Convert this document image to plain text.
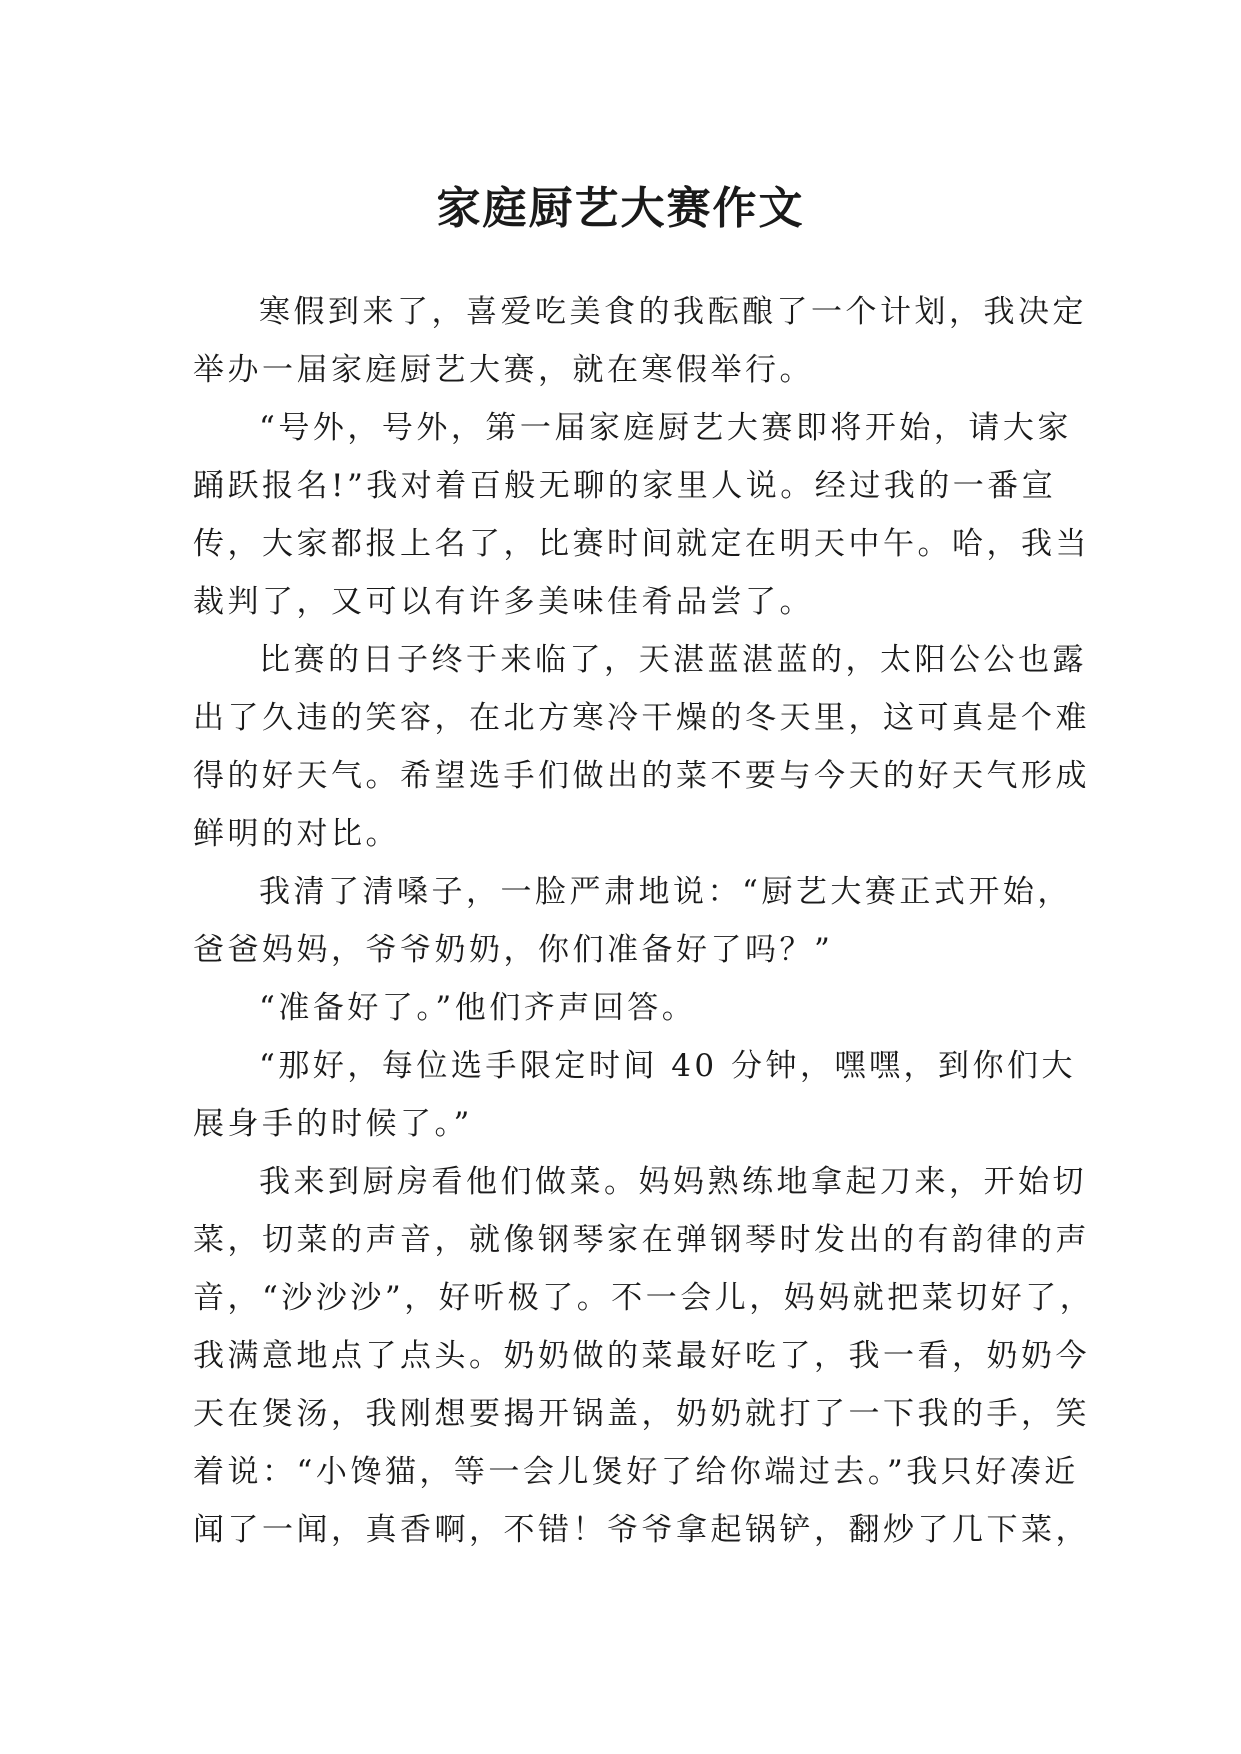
家庭厨艺大赛作文

寒假到来了，喜爱吃美食的我酝酿了一个计划，我决定
举办一届家庭厨艺大赛，就在寒假举行。

“号外，号外，第一届家庭厨艺大赛即将开始，请大家
踊跃报名!”我对着百般无聊的家里人说。经过我的一番宣
传，大家都报上名了，比赛时间就定在明天中午。哈，我当
裁判了，又可以有许多美味佳肴品尝了。

比赛的日子终于来临了，天湛蓝湛蓝的，太阳公公也露
出了久违的笑容，在北方寒冷干燥的冬天里，这可真是个难
得的好天气。希望选手们做出的菜不要与今天的好天气形成
鲜明的对比。

我清了清嗓子，一脸严肃地说：“厨艺大赛正式开始，
爸爸妈妈，爷爷奶奶，你们准备好了吗？”

“准备好了。”他们齐声回答。

“那好，每位选手限定时间 40 分钟，嘿嘿，到你们大
展身手的时候了。”

我来到厨房看他们做菜。妈妈熟练地拿起刀来，开始切
菜，切菜的声音，就像钢琴家在弹钢琴时发出的有韵律的声
音，“沙沙沙”，好听极了。不一会儿，妈妈就把菜切好了，
我满意地点了点头。奶奶做的菜最好吃了，我一看，奶奶今
天在煲汤，我刚想要揭开锅盖，奶奶就打了一下我的手，笑
着说：“小馋猫，等一会儿煲好了给你端过去。”我只好凑近
闻了一闻，真香啊，不错！爷爷拿起锅铲，翻炒了几下菜，
